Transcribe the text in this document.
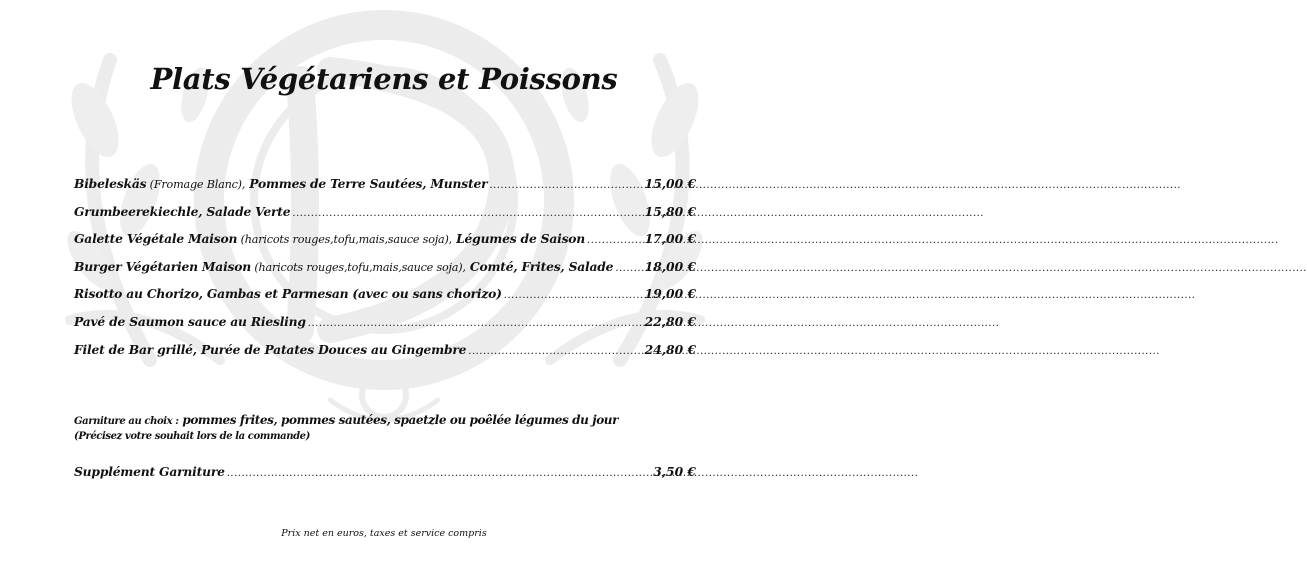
Plats Végétariens et Poissons
Bibeleskäs (Fromage Blanc), Pommes de Terre Sautées, Munster .....	15,00 €
Grumbeerekiechle, Salade Verte .....	15,80 €
Galette Végétale Maison (haricots rouges,tofu,mais,sauce soja), Légumes de Saison .....	17,00 €
Burger Végétarien Maison (haricots rouges,tofu,mais,sauce soja), Comté, Frites, Salade .....	18,00 €
Risotto au Chorizo, Gambas et Parmesan (avec ou sans chorizo) .....	19,00 €
Pavé de Saumon sauce au Riesling .....	22,80 €
Filet de Bar grillé, Purée de Patates Douces au Gingembre .....	24,80 €
Garniture au choix : pommes frites, pommes sautées, spaetzle ou poêlée légumes du jour
(Précisez votre souhait lors de la commande)
Supplément Garniture .....	3,50 €
Prix net en euros, taxes et service compris
